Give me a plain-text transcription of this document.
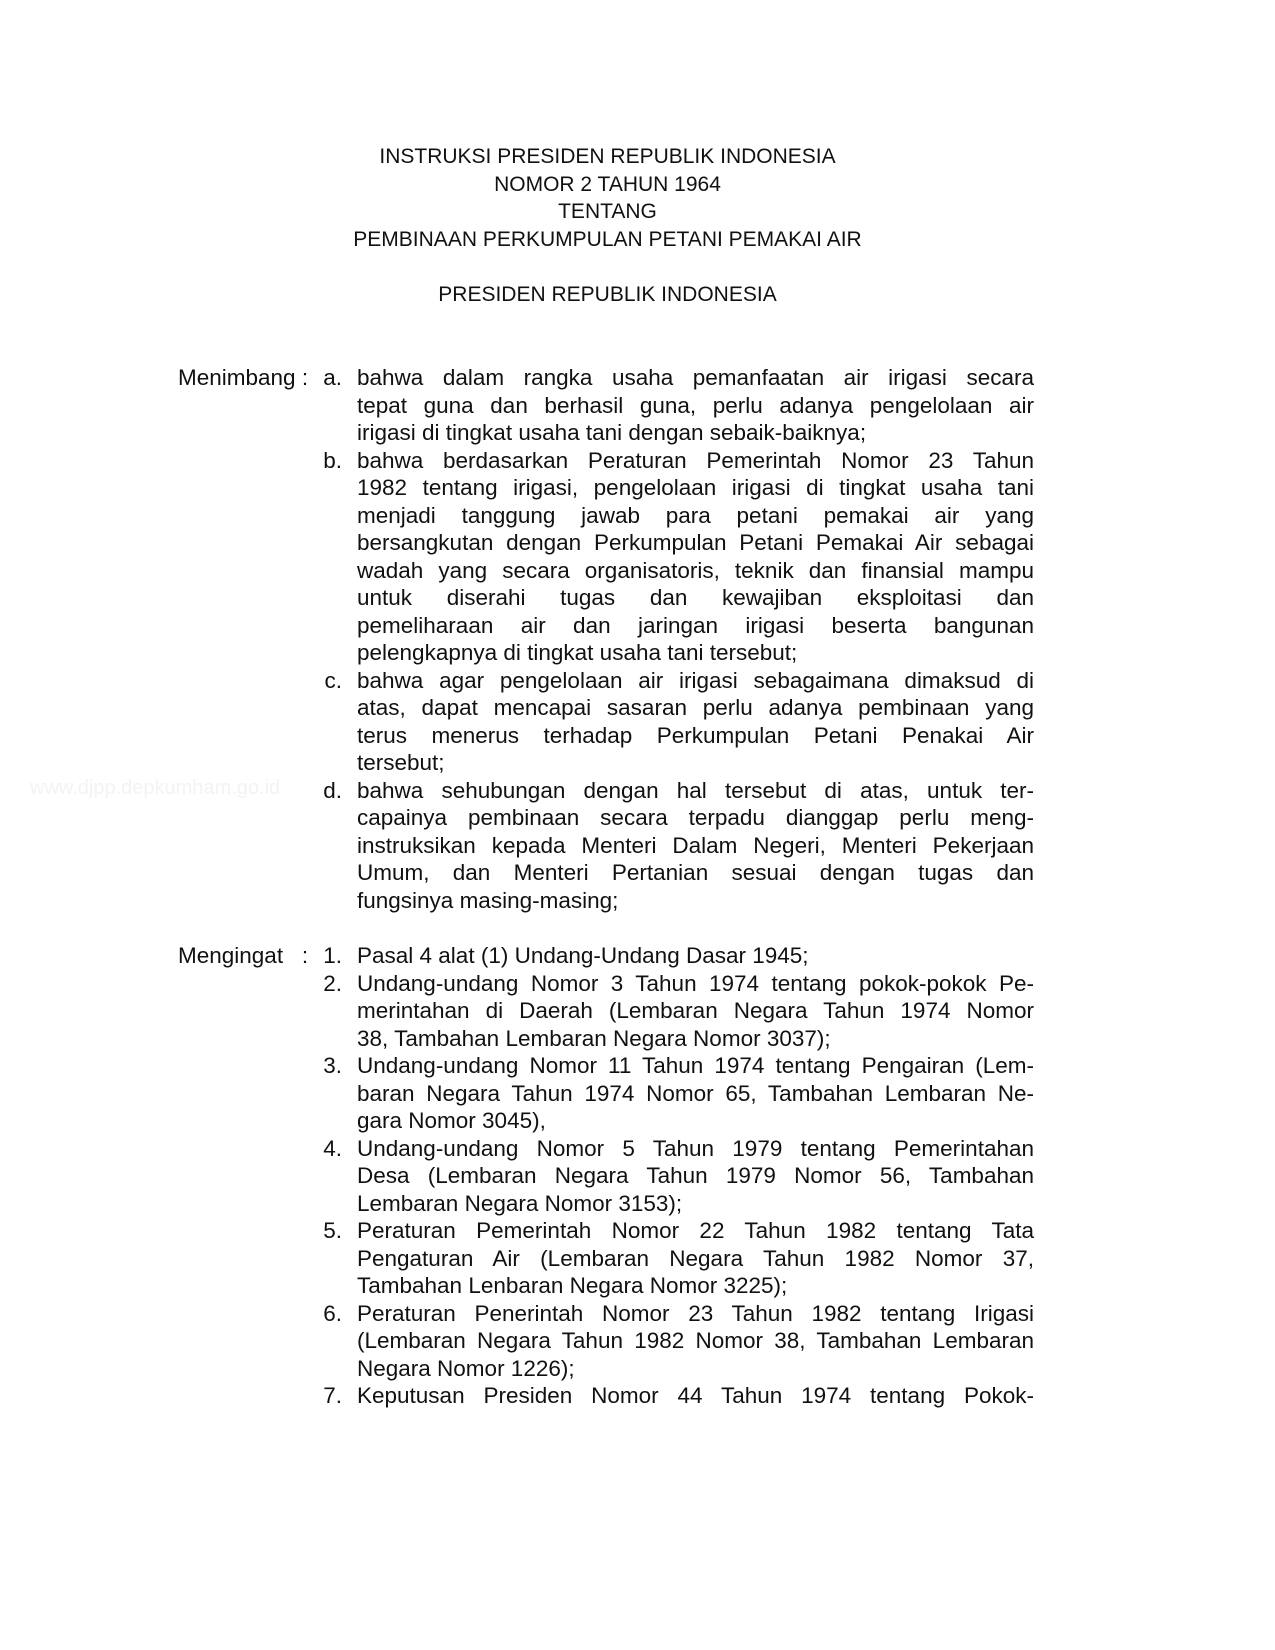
www.djpp.depkumham.go.id
INSTRUKSI PRESIDEN REPUBLIK INDONESIA
NOMOR 2 TAHUN 1964
TENTANG
PEMBINAAN PERKUMPULAN PETANI PEMAKAI AIR
PRESIDEN REPUBLIK INDONESIA
Menimbang : a. bahwa dalam rangka usaha pemanfaatan air irigasi secara
tepat guna dan berhasil guna, perlu adanya pengelolaan air
irigasi di tingkat usaha tani dengan sebaik-baiknya;
b. bahwa berdasarkan Peraturan Pemerintah Nomor 23 Tahun
1982 tentang irigasi, pengelolaan irigasi di tingkat usaha tani
menjadi tanggung jawab para petani pemakai air yang
bersangkutan dengan Perkumpulan Petani Pemakai Air sebagai
wadah yang secara organisatoris, teknik dan finansial mampu
untuk diserahi tugas dan kewajiban eksploitasi dan
pemeliharaan air dan jaringan irigasi beserta bangunan
pelengkapnya di tingkat usaha tani tersebut;
c. bahwa agar pengelolaan air irigasi sebagaimana dimaksud di
atas, dapat mencapai sasaran perlu adanya pembinaan yang
terus menerus terhadap Perkumpulan Petani Penakai Air
tersebut;
d. bahwa sehubungan dengan hal tersebut di atas, untuk ter-
capainya pembinaan secara terpadu dianggap perlu meng-
instruksikan kepada Menteri Dalam Negeri, Menteri Pekerjaan
Umum, dan Menteri Pertanian sesuai dengan tugas dan
fungsinya masing-masing;
Mengingat   : 1. Pasal 4 alat (1) Undang-Undang Dasar 1945;
2. Undang-undang Nomor 3 Tahun 1974 tentang pokok-pokok Pe-
merintahan di Daerah (Lembaran Negara Tahun 1974 Nomor
38, Tambahan Lembaran Negara Nomor 3037);
3. Undang-undang Nomor 11 Tahun 1974 tentang Pengairan (Lem-
baran Negara Tahun 1974 Nomor 65, Tambahan Lembaran Ne-
gara Nomor 3045),
4. Undang-undang Nomor 5 Tahun 1979 tentang Pemerintahan
Desa (Lembaran Negara Tahun 1979 Nomor 56, Tambahan
Lembaran Negara Nomor 3153);
5. Peraturan Pemerintah Nomor 22 Tahun 1982 tentang Tata
Pengaturan Air (Lembaran Negara Tahun 1982 Nomor 37,
Tambahan Lenbaran Negara Nomor 3225);
6. Peraturan Penerintah Nomor 23 Tahun 1982 tentang Irigasi
(Lembaran Negara Tahun 1982 Nomor 38, Tambahan Lembaran
Negara Nomor 1226);
7. Keputusan Presiden Nomor 44 Tahun 1974 tentang Pokok-
